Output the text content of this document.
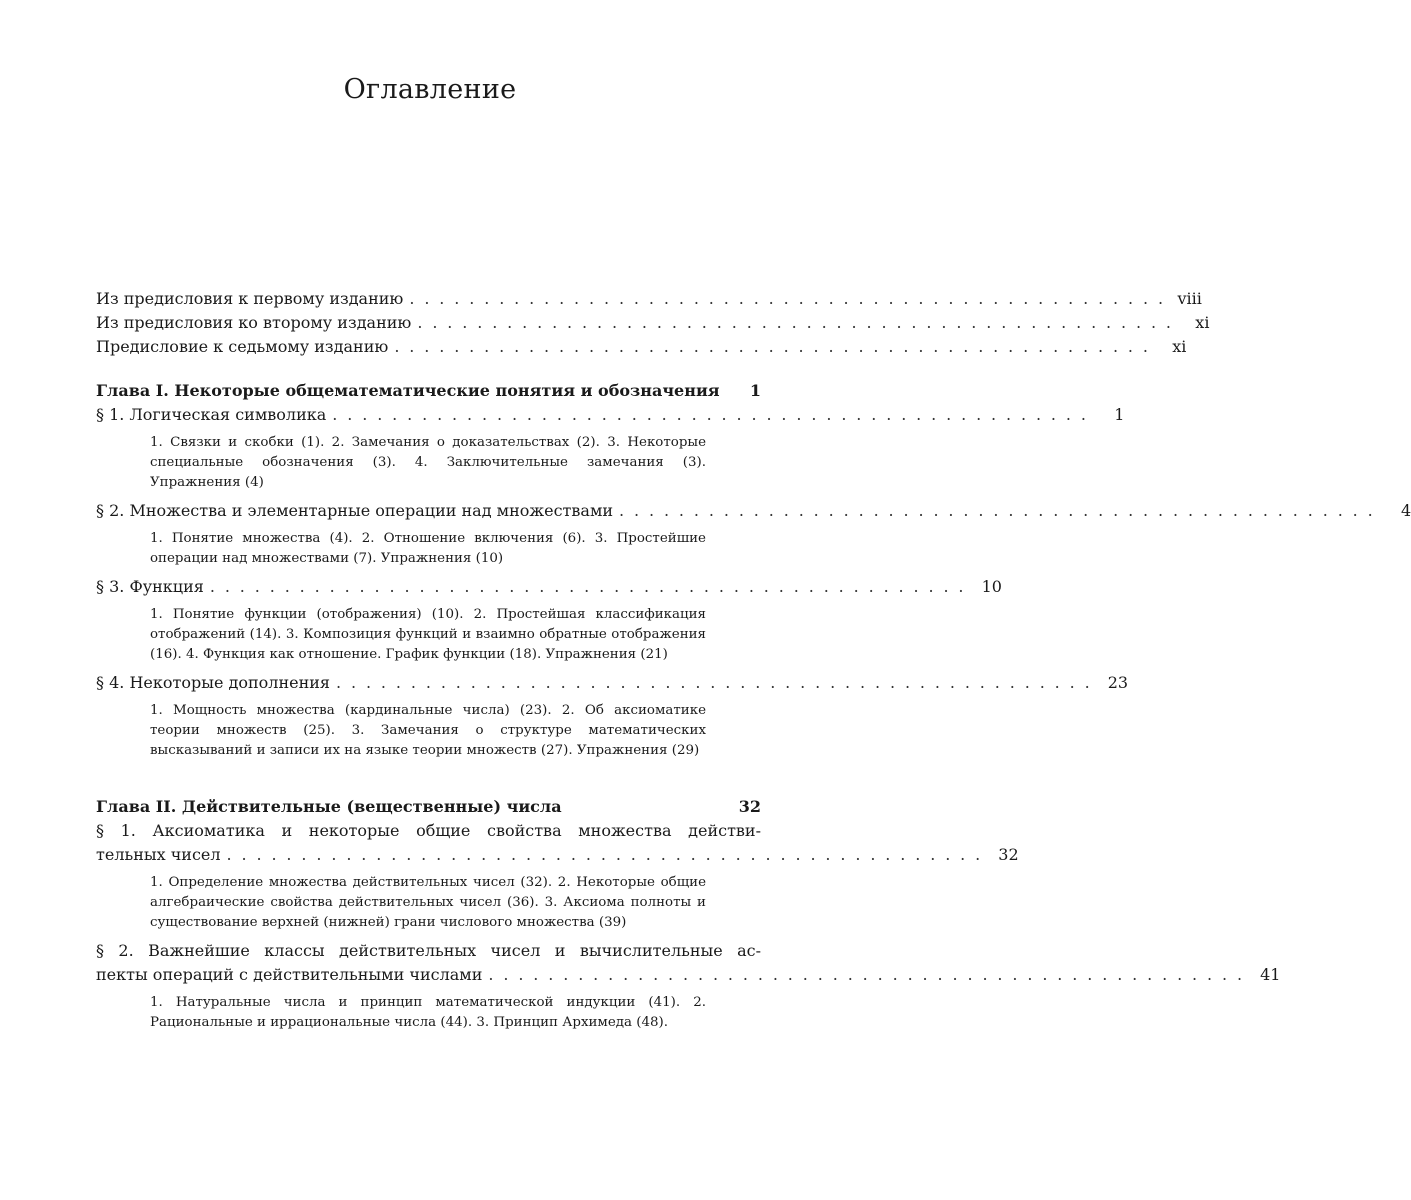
Оглавление
Из предисловия к первому изданию . . . . . . . . . . . . . . . . . . . . . . . . . . . . . . . . . . . . . . . . . . . . . . . . . . . viii
Из предисловия ко второму изданию . . . . . . . . . . . . . . . . . . . . . . . . . . . . . . . . . . . . . . . . . . . . . . . . . . .	xi
Предисловие к седьмому изданию . . . . . . . . . . . . . . . . . . . . . . . . . . . . . . . . . . . . . . . . . . . . . . . . . . .	xi
Глава I. Некоторые общематематические понятия и обозначения	1
§ 1. Логическая символика . . . . . . . . . . . . . . . . . . . . . . . . . . . . . . . . . . . . . . . . . . . . . . . . . . .	1

1. Связки и скобки (1). 2. Замечания о доказательствах (2). 3. Некоторые специальные обозначения (3). 4. Заключительные замечания (3). Упражнения (4)

§ 2. Множества и элементарные операции над множествами . . . . . . . . . . . . . . . . . . . . . . . . . . . . . . . . . . . . . . . . . . . . . . . . . . .	4

1. Понятие множества (4). 2. Отношение включения (6). 3. Простейшие операции над множествами (7). Упражнения (10)

§ 3. Функция . . . . . . . . . . . . . . . . . . . . . . . . . . . . . . . . . . . . . . . . . . . . . . . . . . . 10

1. Понятие функции (отображения) (10). 2. Простейшая классификация отображений (14). 3. Композиция функций и взаимно обратные отображения (16). 4. Функция как отношение. График функции (18). Упражнения (21)

§ 4. Некоторые дополнения . . . . . . . . . . . . . . . . . . . . . . . . . . . . . . . . . . . . . . . . . . . . . . . . . . . 23

1. Мощность множества (кардинальные числа) (23). 2. Об аксиоматике теории множеств (25). 3. Замечания о структуре математических высказываний и записи их на языке теории множеств (27). Упражнения (29)

Глава II. Действительные (вещественные) числа	32
§ 1. Аксиоматика и некоторые общие свойства множества действи-
тельных чисел . . . . . . . . . . . . . . . . . . . . . . . . . . . . . . . . . . . . . . . . . . . . . . . . . . . 32

1. Определение множества действительных чисел (32). 2. Некоторые общие алгебраические свойства действительных чисел (36). 3. Аксиома полноты и существование верхней (нижней) грани числового множества (39)

§ 2. Важнейшие классы действительных чисел и вычислительные ас-
пекты операций с действительными числами . . . . . . . . . . . . . . . . . . . . . . . . . . . . . . . . . . . . . . . . . . . . . . . . . . . 41

1. Натуральные числа и принцип математической индукции (41). 2. Рациональные и иррациональные числа (44). 3. Принцип Архимеда (48).
